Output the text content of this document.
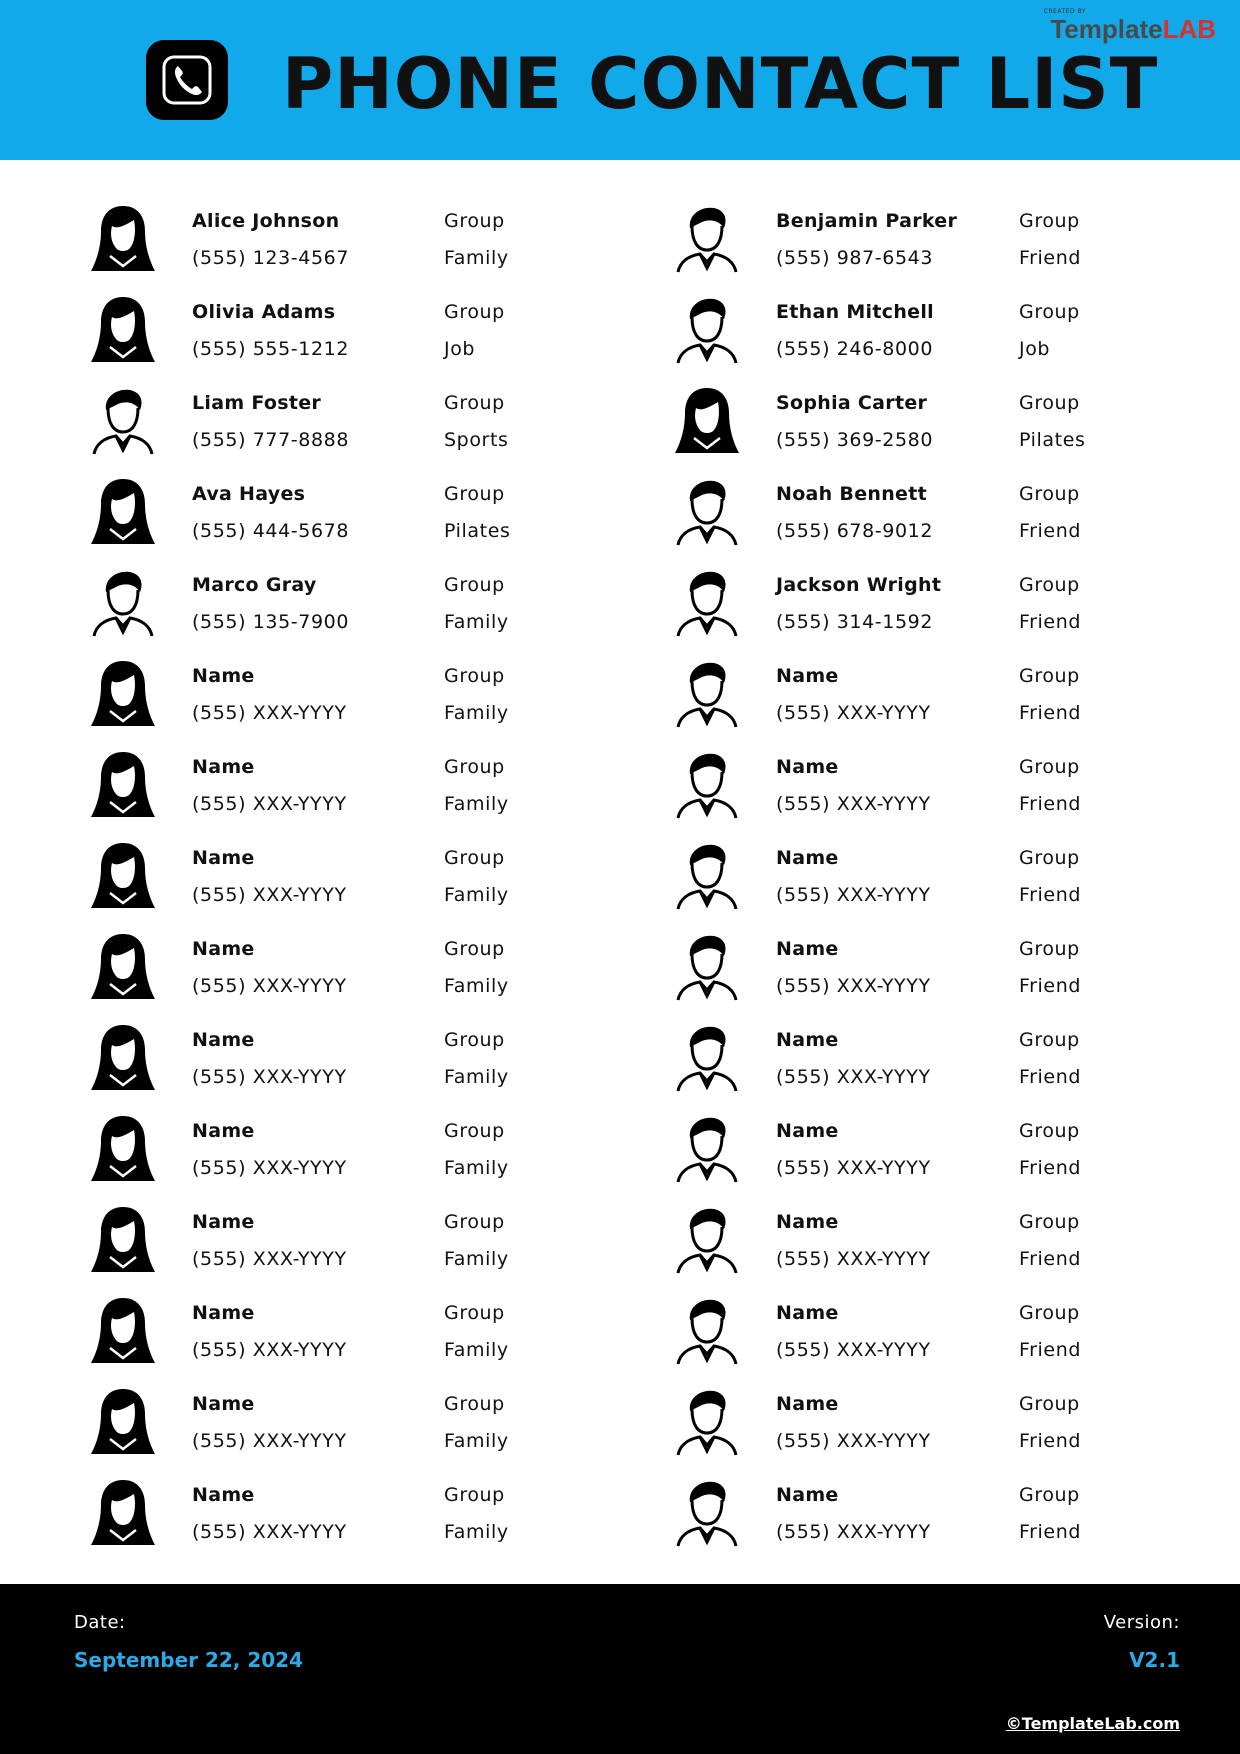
PHONE CONTACT LIST
CREATED BY
TemplateLAB
Alice Johnson
(555) 123-4567
Group
Family
Benjamin Parker
(555) 987-6543
Group
Friend
Olivia Adams
(555) 555-1212
Group
Job
Ethan Mitchell
(555) 246-8000
Group
Job
Liam Foster
(555) 777-8888
Group
Sports
Sophia Carter
(555) 369-2580
Group
Pilates
Ava Hayes
(555) 444-5678
Group
Pilates
Noah Bennett
(555) 678-9012
Group
Friend
Marco Gray
(555) 135-7900
Group
Family
Jackson Wright
(555) 314-1592
Group
Friend
Name
(555) XXX-YYYY
Group
Family
Name
(555) XXX-YYYY
Group
Friend
Name
(555) XXX-YYYY
Group
Family
Name
(555) XXX-YYYY
Group
Friend
Name
(555) XXX-YYYY
Group
Family
Name
(555) XXX-YYYY
Group
Friend
Name
(555) XXX-YYYY
Group
Family
Name
(555) XXX-YYYY
Group
Friend
Name
(555) XXX-YYYY
Group
Family
Name
(555) XXX-YYYY
Group
Friend
Name
(555) XXX-YYYY
Group
Family
Name
(555) XXX-YYYY
Group
Friend
Name
(555) XXX-YYYY
Group
Family
Name
(555) XXX-YYYY
Group
Friend
Name
(555) XXX-YYYY
Group
Family
Name
(555) XXX-YYYY
Group
Friend
Name
(555) XXX-YYYY
Group
Family
Name
(555) XXX-YYYY
Group
Friend
Name
(555) XXX-YYYY
Group
Family
Name
(555) XXX-YYYY
Group
Friend
Date:
September 22, 2024
Version:
V2.1
©TemplateLab.com
